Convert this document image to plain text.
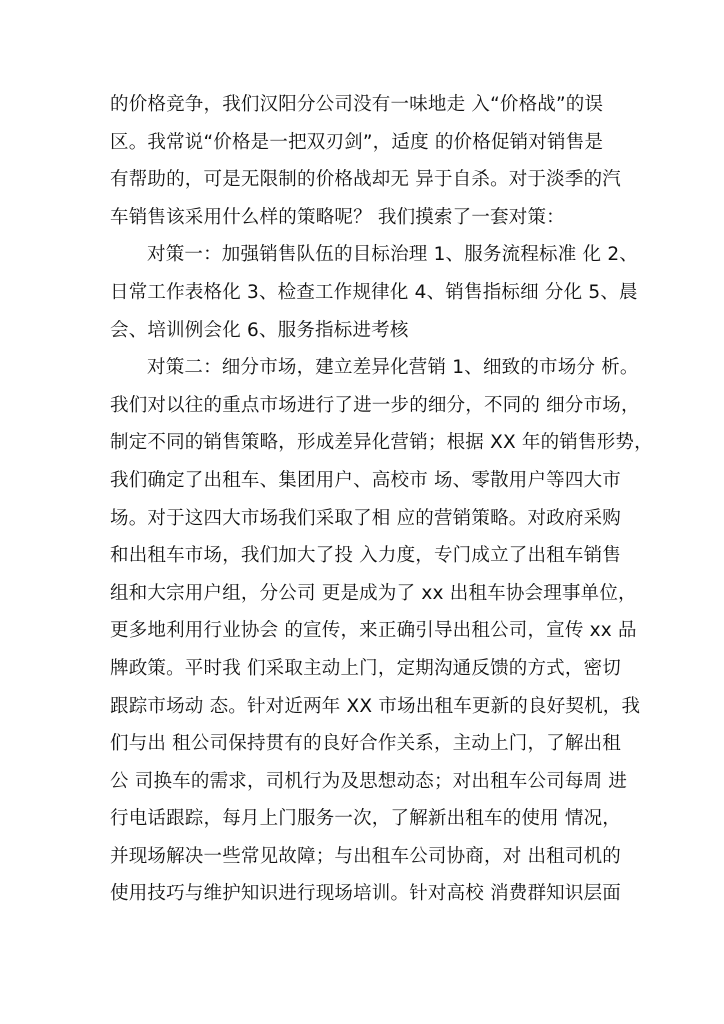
的价格竞争，我们汉阳分公司没有一味地走 入“价格战”的误
区。我常说“价格是一把双刃剑”，适度 的价格促销对销售是
有帮助的，可是无限制的价格战却无 异于自杀。对于淡季的汽
车销售该采用什么样的策略呢？ 我们摸索了一套对策：
对策一：加强销售队伍的目标治理 1、服务流程标准 化 2、
日常工作表格化 3、检查工作规律化 4、销售指标细 分化 5、晨
会、培训例会化 6、服务指标进考核
对策二：细分市场，建立差异化营销 1、细致的市场分 析。
我们对以往的重点市场进行了进一步的细分，不同的 细分市场，
制定不同的销售策略，形成差异化营销；根据 XX 年的销售形势，
我们确定了出租车、集团用户、高校市 场、零散用户等四大市
场。对于这四大市场我们采取了相 应的营销策略。对政府采购
和出租车市场，我们加大了投 入力度，专门成立了出租车销售
组和大宗用户组，分公司 更是成为了 xx 出租车协会理事单位，
更多地利用行业协会 的宣传，来正确引导出租公司，宣传 xx 品
牌政策。平时我 们采取主动上门，定期沟通反馈的方式，密切
跟踪市场动 态。针对近两年 XX 市场出租车更新的良好契机，我
们与出 租公司保持贯有的良好合作关系，主动上门，了解出租
公 司换车的需求，司机行为及思想动态；对出租车公司每周 进
行电话跟踪，每月上门服务一次，了解新出租车的使用 情况，
并现场解决一些常见故障；与出租车公司协商，对 出租司机的
使用技巧与维护知识进行现场培训。针对高校 消费群知识层面
